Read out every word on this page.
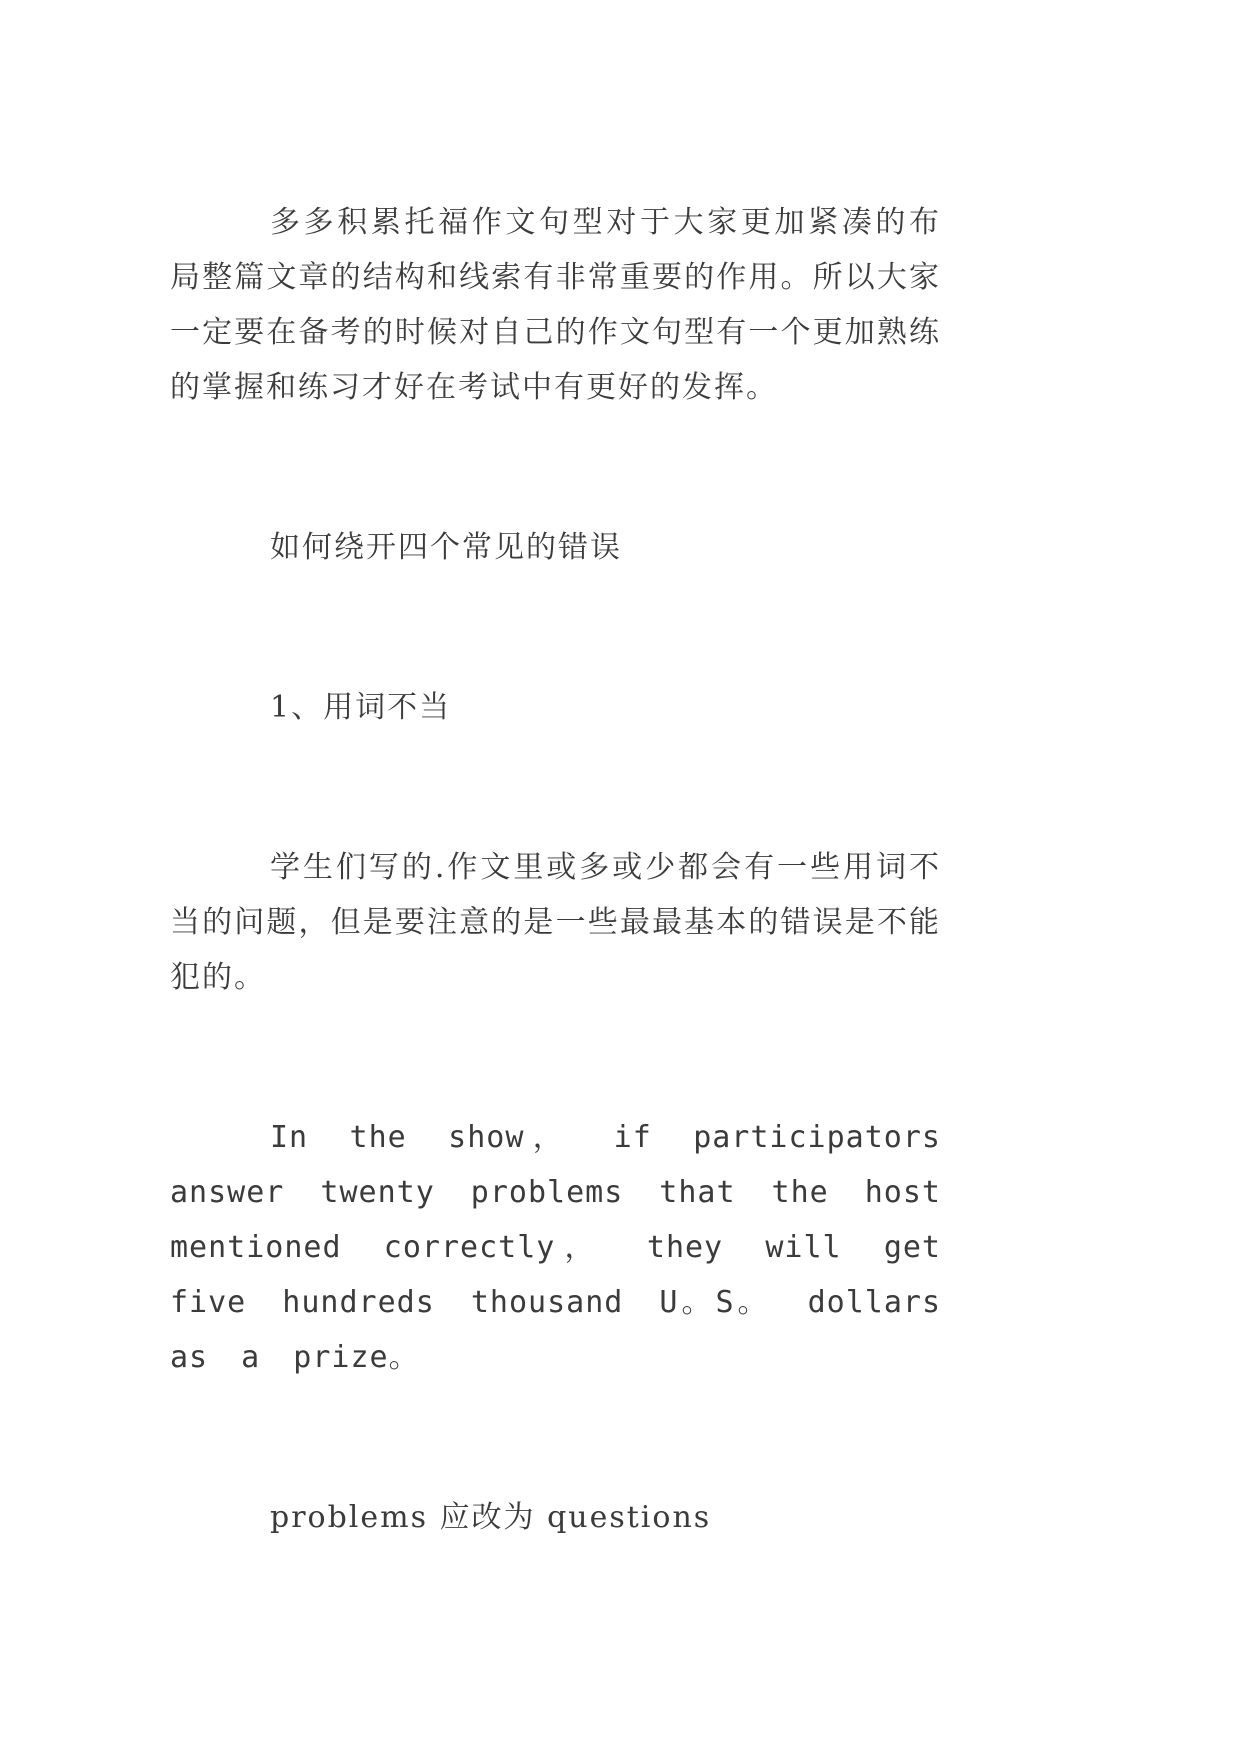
多多积累托福作文句型对于大家更加紧凑的布局整篇文章的结构和线索有非常重要的作用。所以大家一定要在备考的时候对自己的作文句型有一个更加熟练的掌握和练习才好在考试中有更好的发挥。

如何绕开四个常见的错误

1、用词不当

学生们写的.作文里或多或少都会有一些用词不当的问题，但是要注意的是一些最最基本的错误是不能犯的。

In the show， if participators answer twenty problems that the host mentioned correctly， they will get five hundreds thousand U。S。 dollars as a prize。

problems 应改为 questions
